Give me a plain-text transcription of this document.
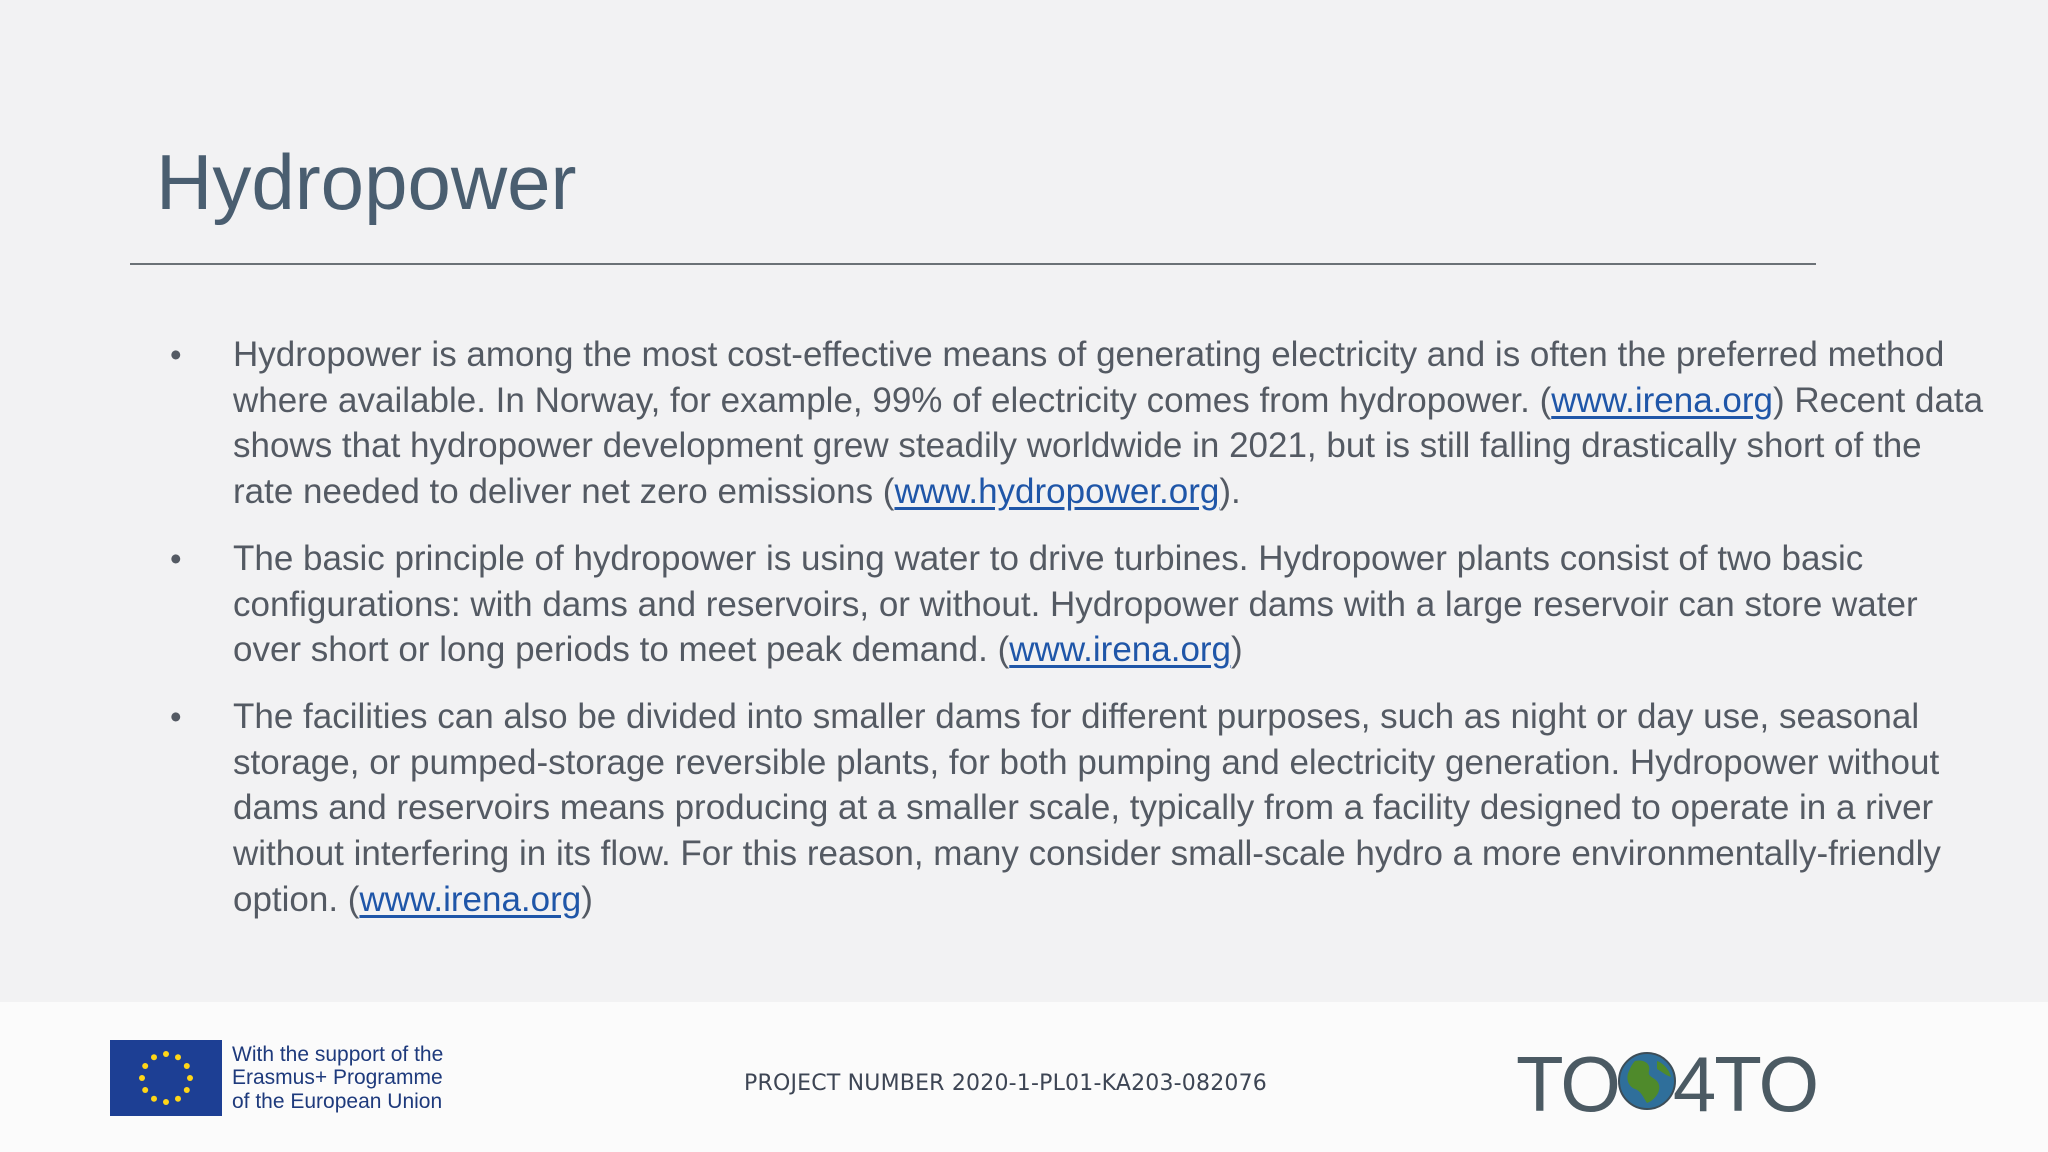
Hydropower
• Hydropower is among the most cost-effective means of generating electricity and is often the preferred method where available. In Norway, for example, 99% of electricity comes from hydropower. (www.irena.org) Recent data shows that hydropower development grew steadily worldwide in 2021, but is still falling drastically short of the rate needed to deliver net zero emissions (www.hydropower.org).
• The basic principle of hydropower is using water to drive turbines. Hydropower plants consist of two basic configurations: with dams and reservoirs, or without. Hydropower dams with a large reservoir can store water over short or long periods to meet peak demand. (www.irena.org)
• The facilities can also be divided into smaller dams for different purposes, such as night or day use, seasonal storage, or pumped-storage reversible plants, for both pumping and electricity generation. Hydropower without dams and reservoirs means producing at a smaller scale, typically from a facility designed to operate in a river without interfering in its flow. For this reason, many consider small-scale hydro a more environmentally-friendly option. (www.irena.org)
With the support of the
Erasmus+ Programme
of the European Union
PROJECT NUMBER 2020-1-PL01-KA203-082076	TO 4TO
